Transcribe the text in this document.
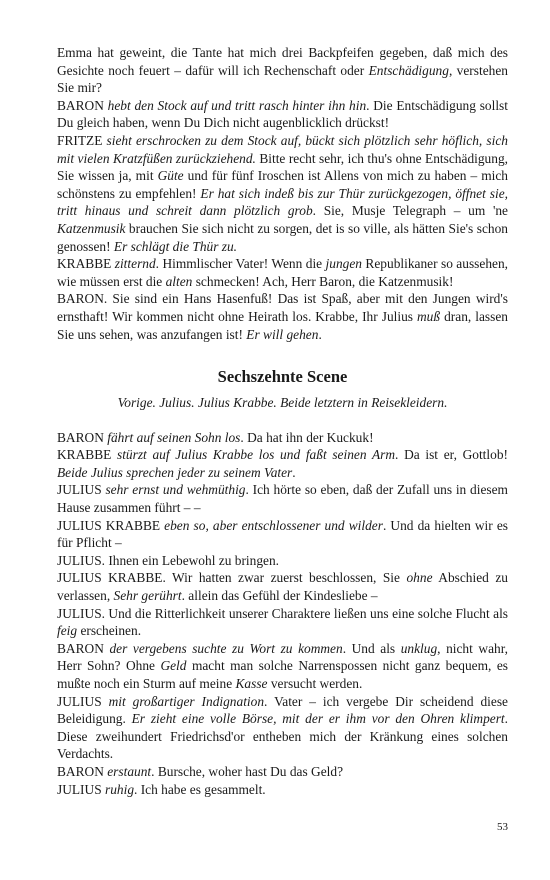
Emma hat geweint, die Tante hat mich drei Backpfeifen gegeben, daß mich des Gesichte noch feuert – dafür will ich Rechenschaft oder Entschädigung, verstehen Sie mir?

BARON hebt den Stock auf und tritt rasch hinter ihn hin. Die Entschädigung sollst Du gleich haben, wenn Du Dich nicht augenblicklich drückst!

FRITZE sieht erschrocken zu dem Stock auf, bückt sich plötzlich sehr höflich, sich mit vielen Kratzfüßen zurückziehend. Bitte recht sehr, ich thu's ohne Entschädigung, Sie wissen ja, mit Güte und für fünf Iroschen ist Allens von mich zu haben – mich schönstens zu empfehlen! Er hat sich indeß bis zur Thür zurückgezogen, öffnet sie, tritt hinaus und schreit dann plötzlich grob. Sie, Musje Telegraph – um 'ne Katzenmusik brauchen Sie sich nicht zu sorgen, det is so ville, als hätten Sie's schon genossen! Er schlägt die Thür zu.

KRABBE zitternd. Himmlischer Vater! Wenn die jungen Republikaner so aussehen, wie müssen erst die alten schmecken! Ach, Herr Baron, die Katzenmusik!

BARON. Sie sind ein Hans Hasenfuß! Das ist Spaß, aber mit den Jungen wird's ernsthaft! Wir kommen nicht ohne Heirath los. Krabbe, Ihr Julius muß dran, lassen Sie uns sehen, was anzufangen ist! Er will gehen.

Sechszehnte Scene
Vorige. Julius. Julius Krabbe. Beide letztern in Reisekleidern.

BARON fährt auf seinen Sohn los. Da hat ihn der Kuckuk!

KRABBE stürzt auf Julius Krabbe los und faßt seinen Arm. Da ist er, Gottlob! Beide Julius sprechen jeder zu seinem Vater.

JULIUS sehr ernst und wehmüthig. Ich hörte so eben, daß der Zufall uns in diesem Hause zusammen führt – –

JULIUS KRABBE eben so, aber entschlossener und wilder. Und da hielten wir es für Pflicht –

JULIUS. Ihnen ein Lebewohl zu bringen.

JULIUS KRABBE. Wir hatten zwar zuerst beschlossen, Sie ohne Abschied zu verlassen, Sehr gerührt. allein das Gefühl der Kindesliebe –

JULIUS. Und die Ritterlichkeit unserer Charaktere ließen uns eine solche Flucht als feig erscheinen.

BARON der vergebens suchte zu Wort zu kommen. Und als unklug, nicht wahr, Herr Sohn? Ohne Geld macht man solche Narrenspossen nicht ganz bequem, es mußte noch ein Sturm auf meine Kasse versucht werden.

JULIUS mit großartiger Indignation. Vater – ich vergebe Dir scheidend diese Beleidigung. Er zieht eine volle Börse, mit der er ihm vor den Ohren klimpert. Diese zweihundert Friedrichsd'or entheben mich der Kränkung eines solchen Verdachts.

BARON erstaunt. Bursche, woher hast Du das Geld?

JULIUS ruhig. Ich habe es gesammelt.

53
